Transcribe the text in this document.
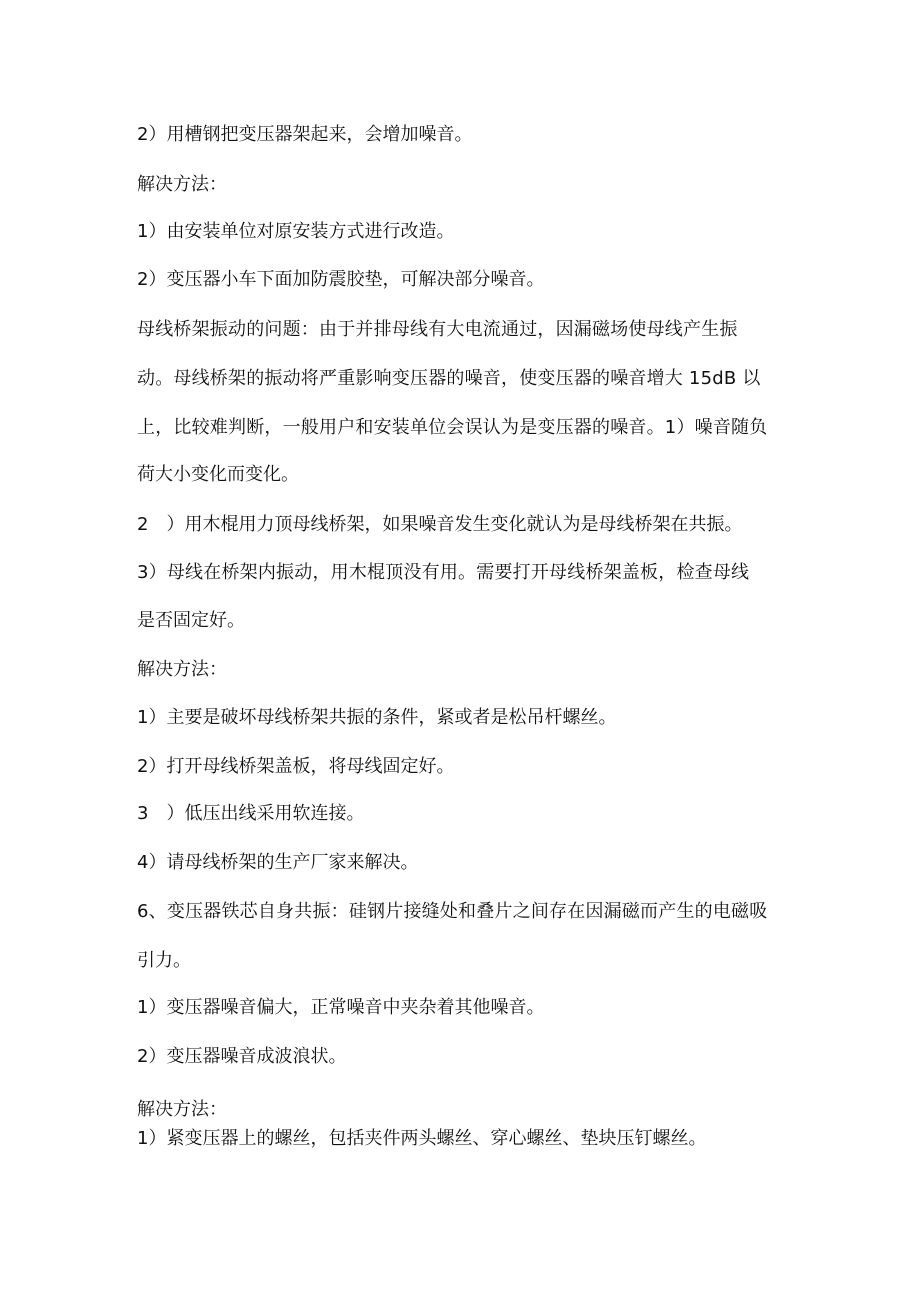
2）用槽钢把变压器架起来，会增加噪音。
解决方法：
1）由安装单位对原安装方式进行改造。
2）变压器小车下面加防震胶垫，可解决部分噪音。
母线桥架振动的问题：由于并排母线有大电流通过，因漏磁场使母线产生振
动。母线桥架的振动将严重影响变压器的噪音，使变压器的噪音增大 15dB 以
上，比较难判断，一般用户和安装单位会误认为是变压器的噪音。1）噪音随负
荷大小变化而变化。
2　）用木棍用力顶母线桥架，如果噪音发生变化就认为是母线桥架在共振。
3）母线在桥架内振动，用木棍顶没有用。需要打开母线桥架盖板，检查母线
是否固定好。
解决方法：
1）主要是破坏母线桥架共振的条件，紧或者是松吊杆螺丝。
2）打开母线桥架盖板，将母线固定好。
3　）低压出线采用软连接。
4）请母线桥架的生产厂家来解决。
6、变压器铁芯自身共振：硅钢片接缝处和叠片之间存在因漏磁而产生的电磁吸
引力。
1）变压器噪音偏大，正常噪音中夹杂着其他噪音。
2）变压器噪音成波浪状。
解决方法：
1）紧变压器上的螺丝，包括夹件两头螺丝、穿心螺丝、垫块压钉螺丝。
